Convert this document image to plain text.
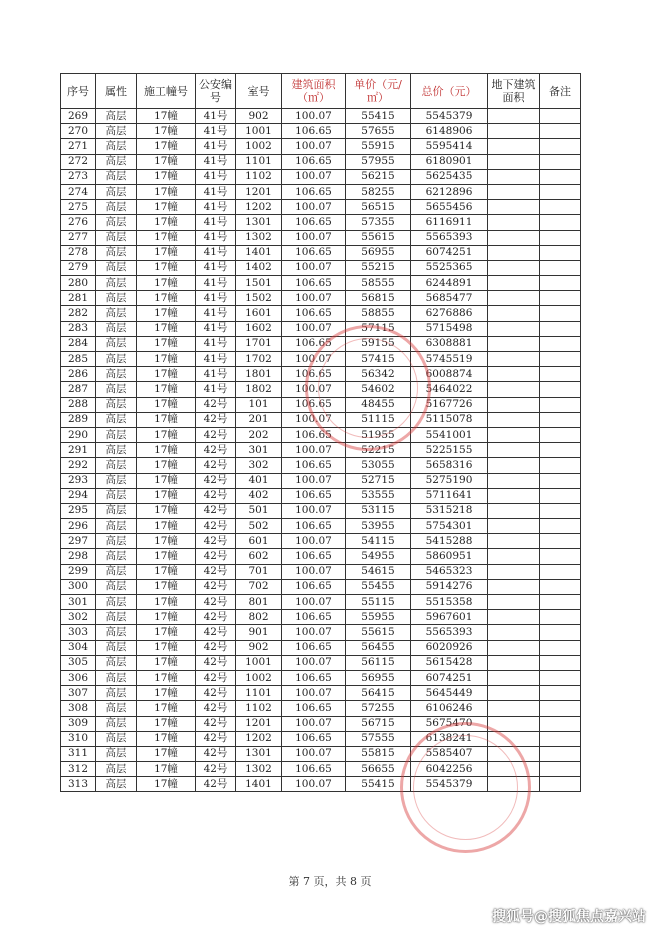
序号	属性	施工幢号	公安编号	室号	建筑面积（㎡）	单价（元/㎡）	总价（元）	地下建筑面积	备注
269	高层	17幢	41号	902	100.07	55415	5545379		
270	高层	17幢	41号	1001	106.65	57655	6148906		
271	高层	17幢	41号	1002	100.07	55915	5595414		
272	高层	17幢	41号	1101	106.65	57955	6180901		
273	高层	17幢	41号	1102	100.07	56215	5625435		
274	高层	17幢	41号	1201	106.65	58255	6212896		
275	高层	17幢	41号	1202	100.07	56515	5655456		
276	高层	17幢	41号	1301	106.65	57355	6116911		
277	高层	17幢	41号	1302	100.07	55615	5565393		
278	高层	17幢	41号	1401	106.65	56955	6074251		
279	高层	17幢	41号	1402	100.07	55215	5525365		
280	高层	17幢	41号	1501	106.65	58555	6244891		
281	高层	17幢	41号	1502	100.07	56815	5685477		
282	高层	17幢	41号	1601	106.65	58855	6276886		
283	高层	17幢	41号	1602	100.07	57115	5715498		
284	高层	17幢	41号	1701	106.65	59155	6308881		
285	高层	17幢	41号	1702	100.07	57415	5745519		
286	高层	17幢	41号	1801	106.65	56342	6008874		
287	高层	17幢	41号	1802	100.07	54602	5464022		
288	高层	17幢	42号	101	106.65	48455	5167726		
289	高层	17幢	42号	201	100.07	51115	5115078		
290	高层	17幢	42号	202	106.65	51955	5541001		
291	高层	17幢	42号	301	100.07	52215	5225155		
292	高层	17幢	42号	302	106.65	53055	5658316		
293	高层	17幢	42号	401	100.07	52715	5275190		
294	高层	17幢	42号	402	106.65	53555	5711641		
295	高层	17幢	42号	501	100.07	53115	5315218		
296	高层	17幢	42号	502	106.65	53955	5754301		
297	高层	17幢	42号	601	100.07	54115	5415288		
298	高层	17幢	42号	602	106.65	54955	5860951		
299	高层	17幢	42号	701	100.07	54615	5465323		
300	高层	17幢	42号	702	106.65	55455	5914276		
301	高层	17幢	42号	801	100.07	55115	5515358		
302	高层	17幢	42号	802	106.65	55955	5967601		
303	高层	17幢	42号	901	100.07	55615	5565393		
304	高层	17幢	42号	902	106.65	56455	6020926		
305	高层	17幢	42号	1001	100.07	56115	5615428		
306	高层	17幢	42号	1002	106.65	56955	6074251		
307	高层	17幢	42号	1101	100.07	56415	5645449		
308	高层	17幢	42号	1102	106.65	57255	6106246		
309	高层	17幢	42号	1201	100.07	56715	5675470		
310	高层	17幢	42号	1202	106.65	57555	6138241		
311	高层	17幢	42号	1301	100.07	55815	5585407		
312	高层	17幢	42号	1302	106.65	56655	6042256		
313	高层	17幢	42号	1401	100.07	55415	5545379		
第 7 页，共 8 页
搜狐号@搜狐焦点嘉兴站
